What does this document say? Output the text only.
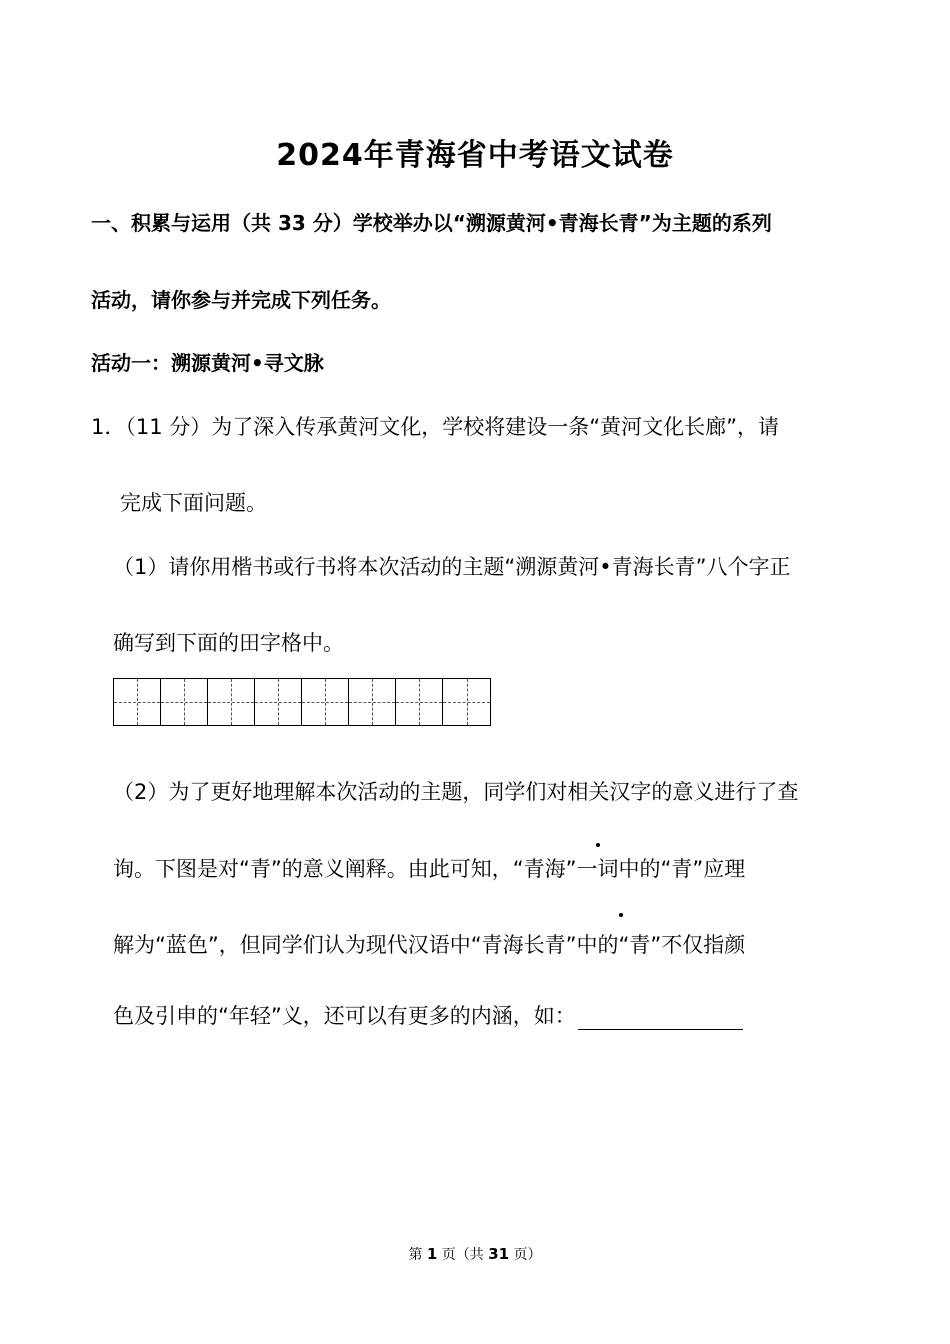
2024年青海省中考语文试卷
一、积累与运用（共 33 分）学校举办以“溯源黄河•青海长青”为主题的系列
活动，请你参与并完成下列任务。
活动一：溯源黄河•寻文脉
1．（11 分）为了深入传承黄河文化，学校将建设一条“黄河文化长廊”，请
完成下面问题。
（1）请你用楷书或行书将本次活动的主题“溯源黄河•青海长青”八个字正
确写到下面的田字格中。
（2）为了更好地理解本次活动的主题，同学们对相关汉字的意义进行了查
询。下图是对“青”的意义阐释。由此可知，“青海”一词中的“青”应理
解为“蓝色”，但同学们认为现代汉语中“青海长青”中的“青”不仅指颜
色及引申的“年轻”义，还可以有更多的内涵，如：
第 1 页（共 31 页）
